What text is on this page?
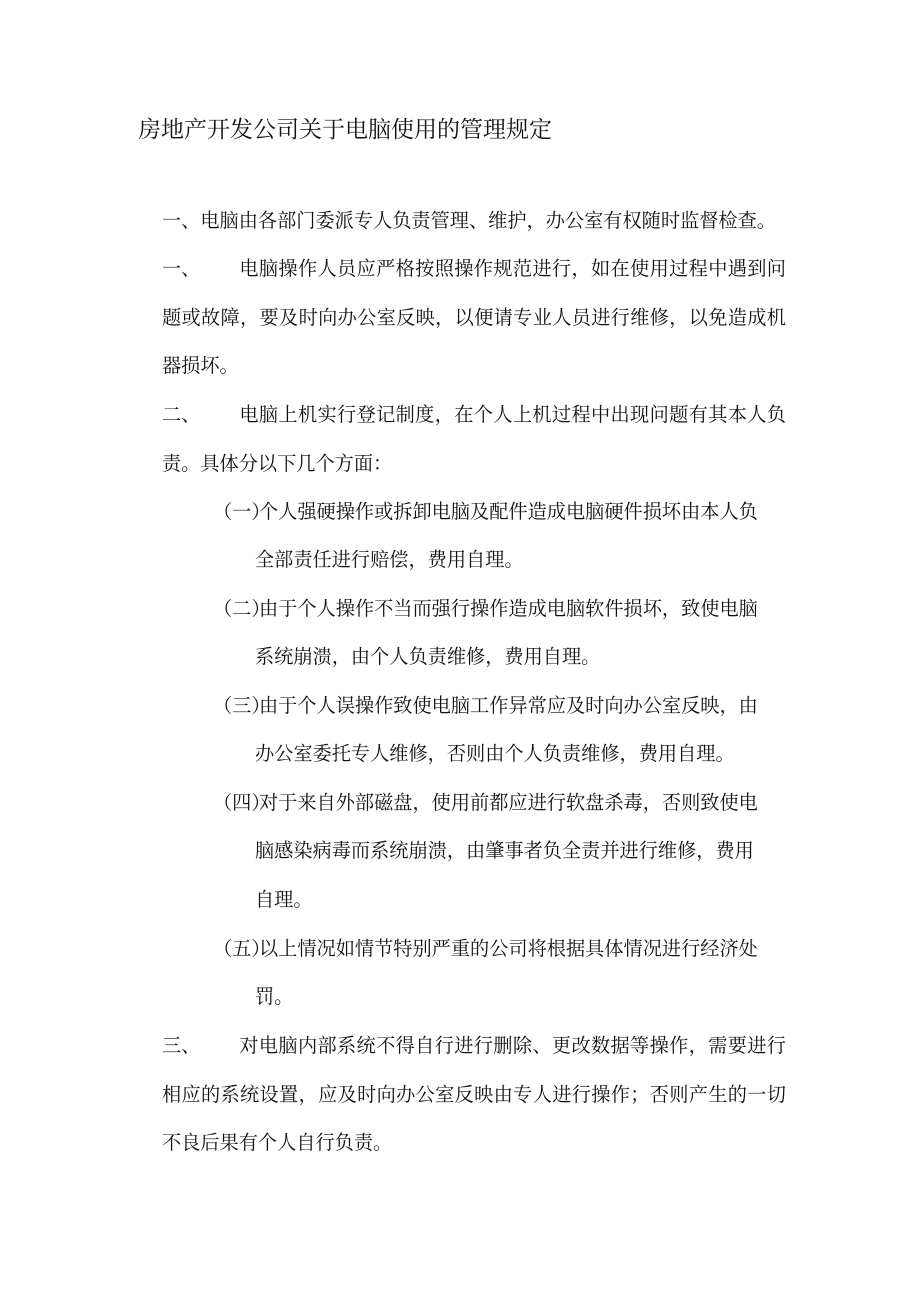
房地产开发公司关于电脑使用的管理规定
一、电脑由各部门委派专人负责管理、维护，办公室有权随时监督检查。
一、 电脑操作人员应严格按照操作规范进行，如在使用过程中遇到问题或故障，要及时向办公室反映，以便请专业人员进行维修，以免造成机器损坏。
二、 电脑上机实行登记制度，在个人上机过程中出现问题有其本人负责。具体分以下几个方面：
（一）个人强硬操作或拆卸电脑及配件造成电脑硬件损坏由本人负
全部责任进行赔偿，费用自理。
（二）由于个人操作不当而强行操作造成电脑软件损坏，致使电脑
系统崩溃，由个人负责维修，费用自理。
（三）由于个人误操作致使电脑工作异常应及时向办公室反映，由
办公室委托专人维修，否则由个人负责维修，费用自理。
（四）对于来自外部磁盘，使用前都应进行软盘杀毒，否则致使电
脑感染病毒而系统崩溃，由肇事者负全责并进行维修，费用
自理。
（五）以上情况如情节特别严重的公司将根据具体情况进行经济处
罚。
三、 对电脑内部系统不得自行进行删除、更改数据等操作，需要进行相应的系统设置，应及时向办公室反映由专人进行操作；否则产生的一切不良后果有个人自行负责。
